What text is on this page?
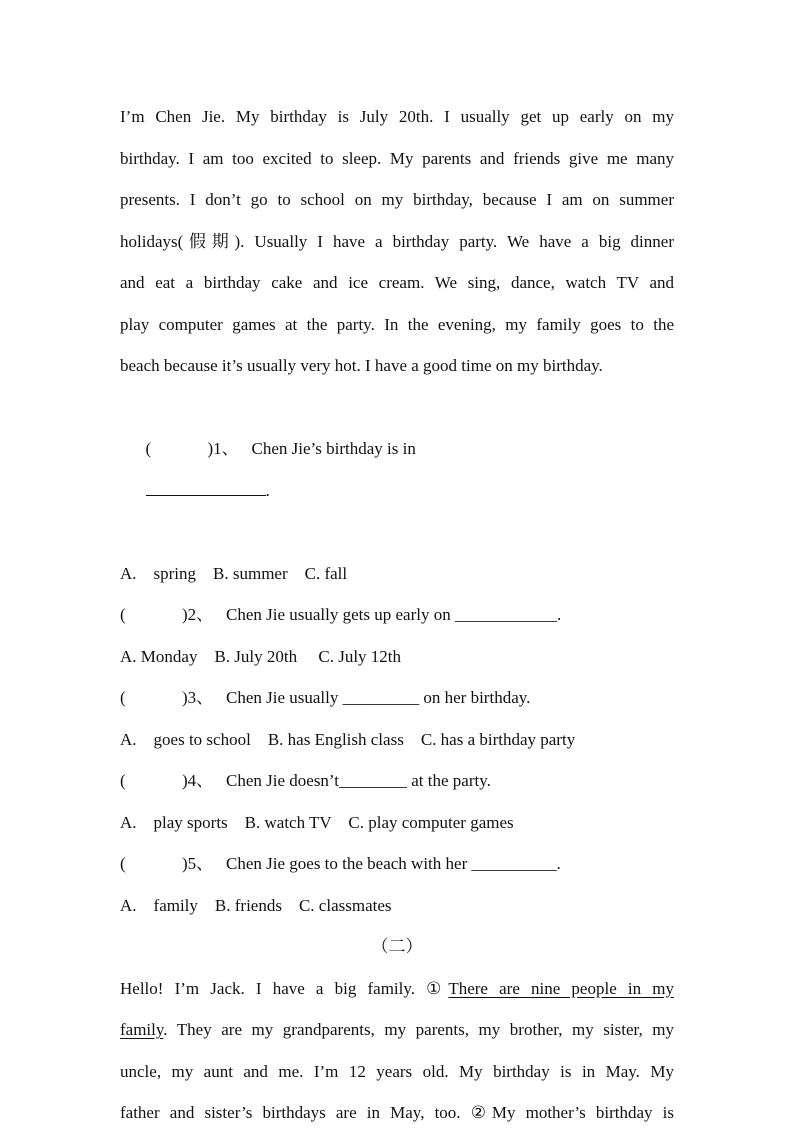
I’m Chen Jie. My birthday is July 20th. I usually get up early on my
birthday. I am too excited to sleep. My parents and friends give me many
presents. I don’t go to school on my birthday, because I am on summer
holidays(假期). Usually I have a birthday party. We have a big dinner
and eat a birthday cake and ice cream. We sing, dance, watch TV and
play computer games at the party. In the evening, my family goes to the
beach because it’s usually very hot. I have a good time on my birthday.

(	)1、 Chen Jie’s birthday is in
.

A. spring B. summer C. fall
(	)2、 Chen Jie usually gets up early on ____________.
A. Monday B. July 20th C. July 12th
(	)3、 Chen Jie usually _________ on her birthday.
A. goes to school B. has English class C. has a birthday party
(	)4、 Chen Jie doesn’t________ at the party.
A. play sports B. watch TV C. play computer games
(	)5、 Chen Jie goes to the beach with her __________.
A. family B. friends C. classmates
（二）
Hello! I’m Jack. I have a big family. ①There are nine people in my
family. They are my grandparents, my parents, my brother, my sister, my
uncle, my aunt and me. I’m 12 years old. My birthday is in May. My
father and sister’s birthdays are in May, too. ②My mother’s birthday is
